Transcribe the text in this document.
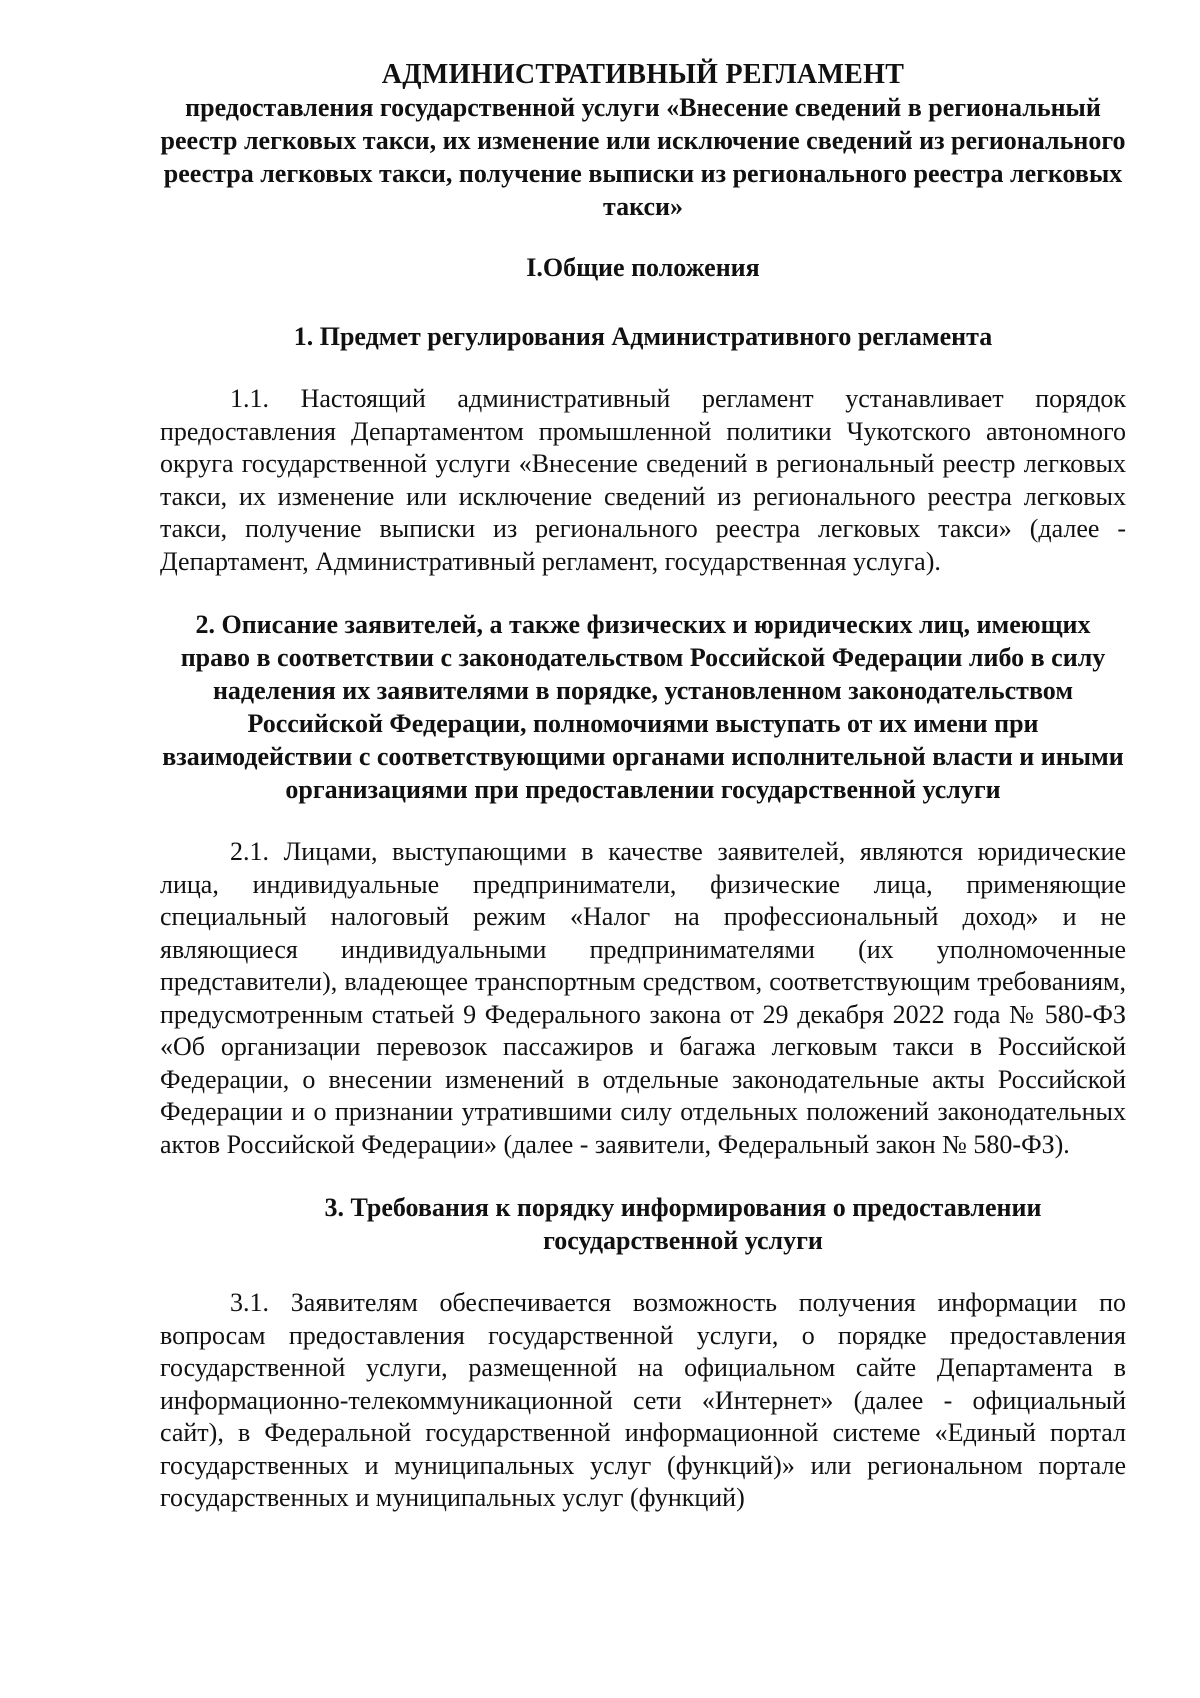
АДМИНИСТРАТИВНЫЙ РЕГЛАМЕНТ
предоставления государственной услуги «Внесение сведений в региональный реестр легковых такси, их изменение или исключение сведений из регионального реестра легковых такси, получение выписки из регионального реестра легковых такси»
I.Общие положения
1. Предмет регулирования Административного регламента

1.1. Настоящий административный регламент устанавливает порядок предоставления Департаментом промышленной политики Чукотского автономного округа государственной услуги «Внесение сведений в региональный реестр легковых такси, их изменение или исключение сведений из регионального реестра легковых такси, получение выписки из регионального реестра легковых такси» (далее - Департамент, Административный регламент, государственная услуга).

2. Описание заявителей, а также физических и юридических лиц, имеющих право в соответствии с законодательством Российской Федерации либо в силу наделения их заявителями в порядке, установленном законодательством Российской Федерации, полномочиями выступать от их имени при взаимодействии с соответствующими органами исполнительной власти и иными организациями при предоставлении государственной услуги

2.1. Лицами, выступающими в качестве заявителей, являются юридические лица, индивидуальные предприниматели, физические лица, применяющие специальный налоговый режим «Налог на профессиональный доход» и не являющиеся индивидуальными предпринимателями (их уполномоченные представители), владеющее транспортным средством, соответствующим требованиям, предусмотренным статьей 9 Федерального закона от 29 декабря 2022 года № 580-ФЗ «Об организации перевозок пассажиров и багажа легковым такси в Российской Федерации, о внесении изменений в отдельные законодательные акты Российской Федерации и о признании утратившими силу отдельных положений законодательных актов Российской Федерации» (далее - заявители, Федеральный закон № 580-ФЗ).

3. Требования к порядку информирования о предоставлении государственной услуги

3.1. Заявителям обеспечивается возможность получения информации по вопросам предоставления государственной услуги, о порядке предоставления государственной услуги, размещенной на официальном сайте Департамента в информационно-телекоммуникационной сети «Интернет» (далее - официальный сайт), в Федеральной государственной информационной системе «Единый портал государственных и муниципальных услуг (функций)» или региональном портале государственных и муниципальных услуг (функций)
